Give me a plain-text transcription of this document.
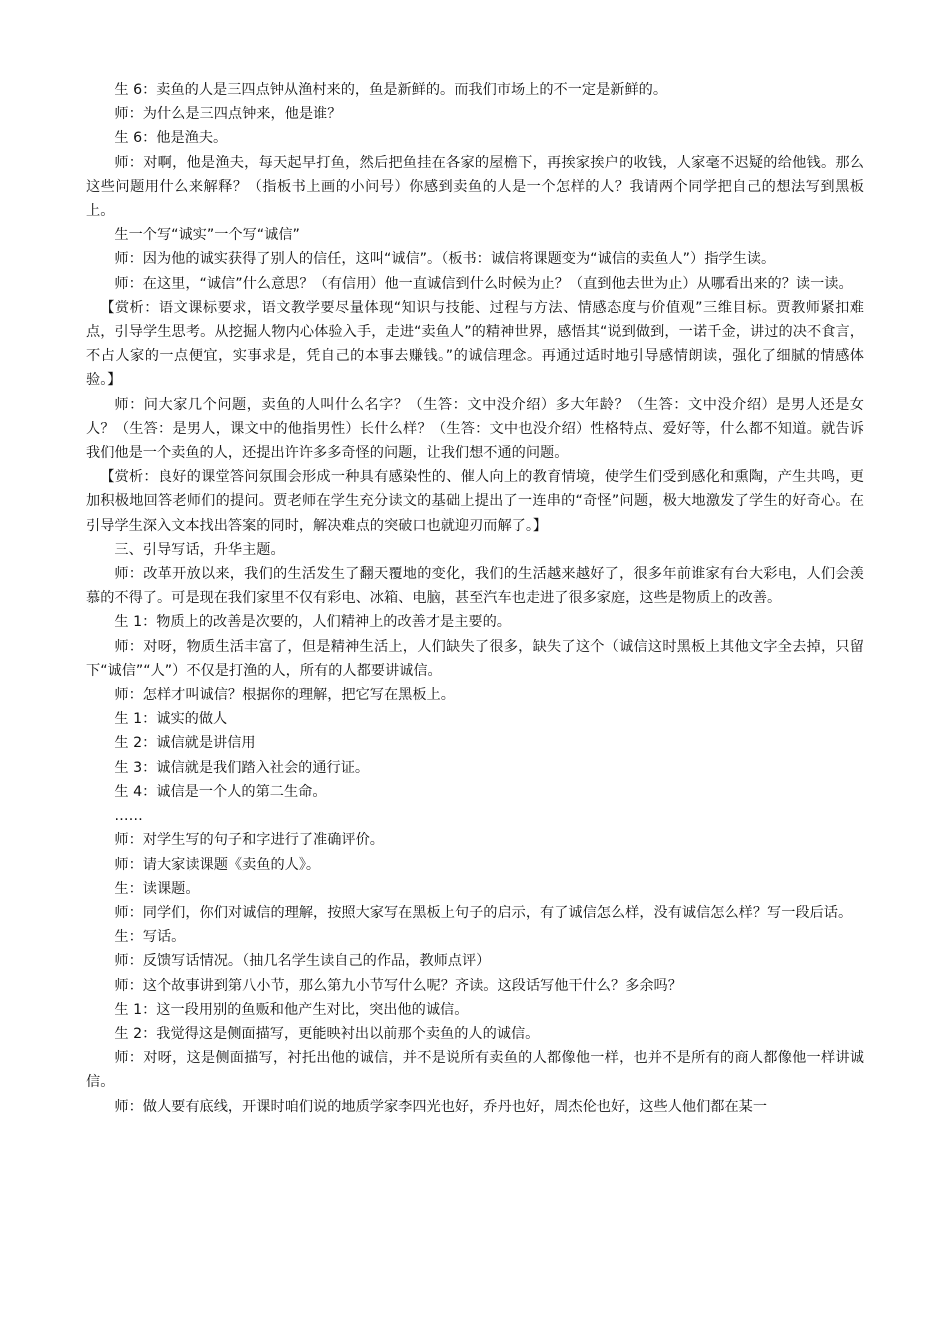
生 6：卖鱼的人是三四点钟从渔村来的，鱼是新鲜的。而我们市场上的不一定是新鲜的。

师：为什么是三四点钟来，他是谁？

生 6：他是渔夫。

师：对啊，他是渔夫，每天起早打鱼，然后把鱼挂在各家的屋檐下，再挨家挨户的收钱，人家毫不迟疑的给他钱。那么这些问题用什么来解释？（指板书上画的小问号）你感到卖鱼的人是一个怎样的人？我请两个同学把自己的想法写到黑板上。

生一个写“诚实”一个写“诚信”

师：因为他的诚实获得了别人的信任，这叫“诚信”。（板书：诚信将课题变为“诚信的卖鱼人”）指学生读。

师：在这里，“诚信”什么意思？（有信用）他一直诚信到什么时候为止？（直到他去世为止）从哪看出来的？读一读。

【赏析：语文课标要求，语文教学要尽量体现“知识与技能、过程与方法、情感态度与价值观”三维目标。贾教师紧扣难点，引导学生思考。从挖掘人物内心体验入手，走进“卖鱼人”的精神世界，感悟其“说到做到，一诺千金，讲过的决不食言，不占人家的一点便宜，实事求是，凭自己的本事去赚钱。”的诚信理念。再通过适时地引导感情朗读，强化了细腻的情感体验。】

师：问大家几个问题，卖鱼的人叫什么名字？（生答：文中没介绍）多大年龄？（生答：文中没介绍）是男人还是女人？（生答：是男人，课文中的他指男性）长什么样？（生答：文中也没介绍）性格特点、爱好等，什么都不知道。就告诉我们他是一个卖鱼的人，还提出许许多多奇怪的问题，让我们想不通的问题。

【赏析：良好的课堂答问氛围会形成一种具有感染性的、催人向上的教育情境，使学生们受到感化和熏陶，产生共鸣，更加积极地回答老师们的提问。贾老师在学生充分读文的基础上提出了一连串的“奇怪”问题，极大地激发了学生的好奇心。在引导学生深入文本找出答案的同时，解决难点的突破口也就迎刃而解了。】

三、引导写话，升华主题。

师：改革开放以来，我们的生活发生了翻天覆地的变化，我们的生活越来越好了，很多年前谁家有台大彩电，人们会羡慕的不得了。可是现在我们家里不仅有彩电、冰箱、电脑，甚至汽车也走进了很多家庭，这些是物质上的改善。

生 1：物质上的改善是次要的，人们精神上的改善才是主要的。

师：对呀，物质生活丰富了，但是精神生活上，人们缺失了很多，缺失了这个（诚信这时黑板上其他文字全去掉，只留下“诚信”“人”）不仅是打渔的人，所有的人都要讲诚信。

师：怎样才叫诚信？根据你的理解，把它写在黑板上。

生 1：诚实的做人

生 2：诚信就是讲信用

生 3：诚信就是我们踏入社会的通行证。

生 4：诚信是一个人的第二生命。

……

师：对学生写的句子和字进行了准确评价。

师：请大家读课题《卖鱼的人》。

生：读课题。

师：同学们，你们对诚信的理解，按照大家写在黑板上句子的启示，有了诚信怎么样，没有诚信怎么样？写一段后话。

生：写话。

师：反馈写话情况。（抽几名学生读自己的作品，教师点评）

师：这个故事讲到第八小节，那么第九小节写什么呢？齐读。这段话写他干什么？多余吗？

生 1：这一段用别的鱼贩和他产生对比，突出他的诚信。

生 2：我觉得这是侧面描写，更能映衬出以前那个卖鱼的人的诚信。

师：对呀，这是侧面描写，衬托出他的诚信，并不是说所有卖鱼的人都像他一样，也并不是所有的商人都像他一样讲诚信。

师：做人要有底线，开课时咱们说的地质学家李四光也好，乔丹也好，周杰伦也好，这些人他们都在某一
